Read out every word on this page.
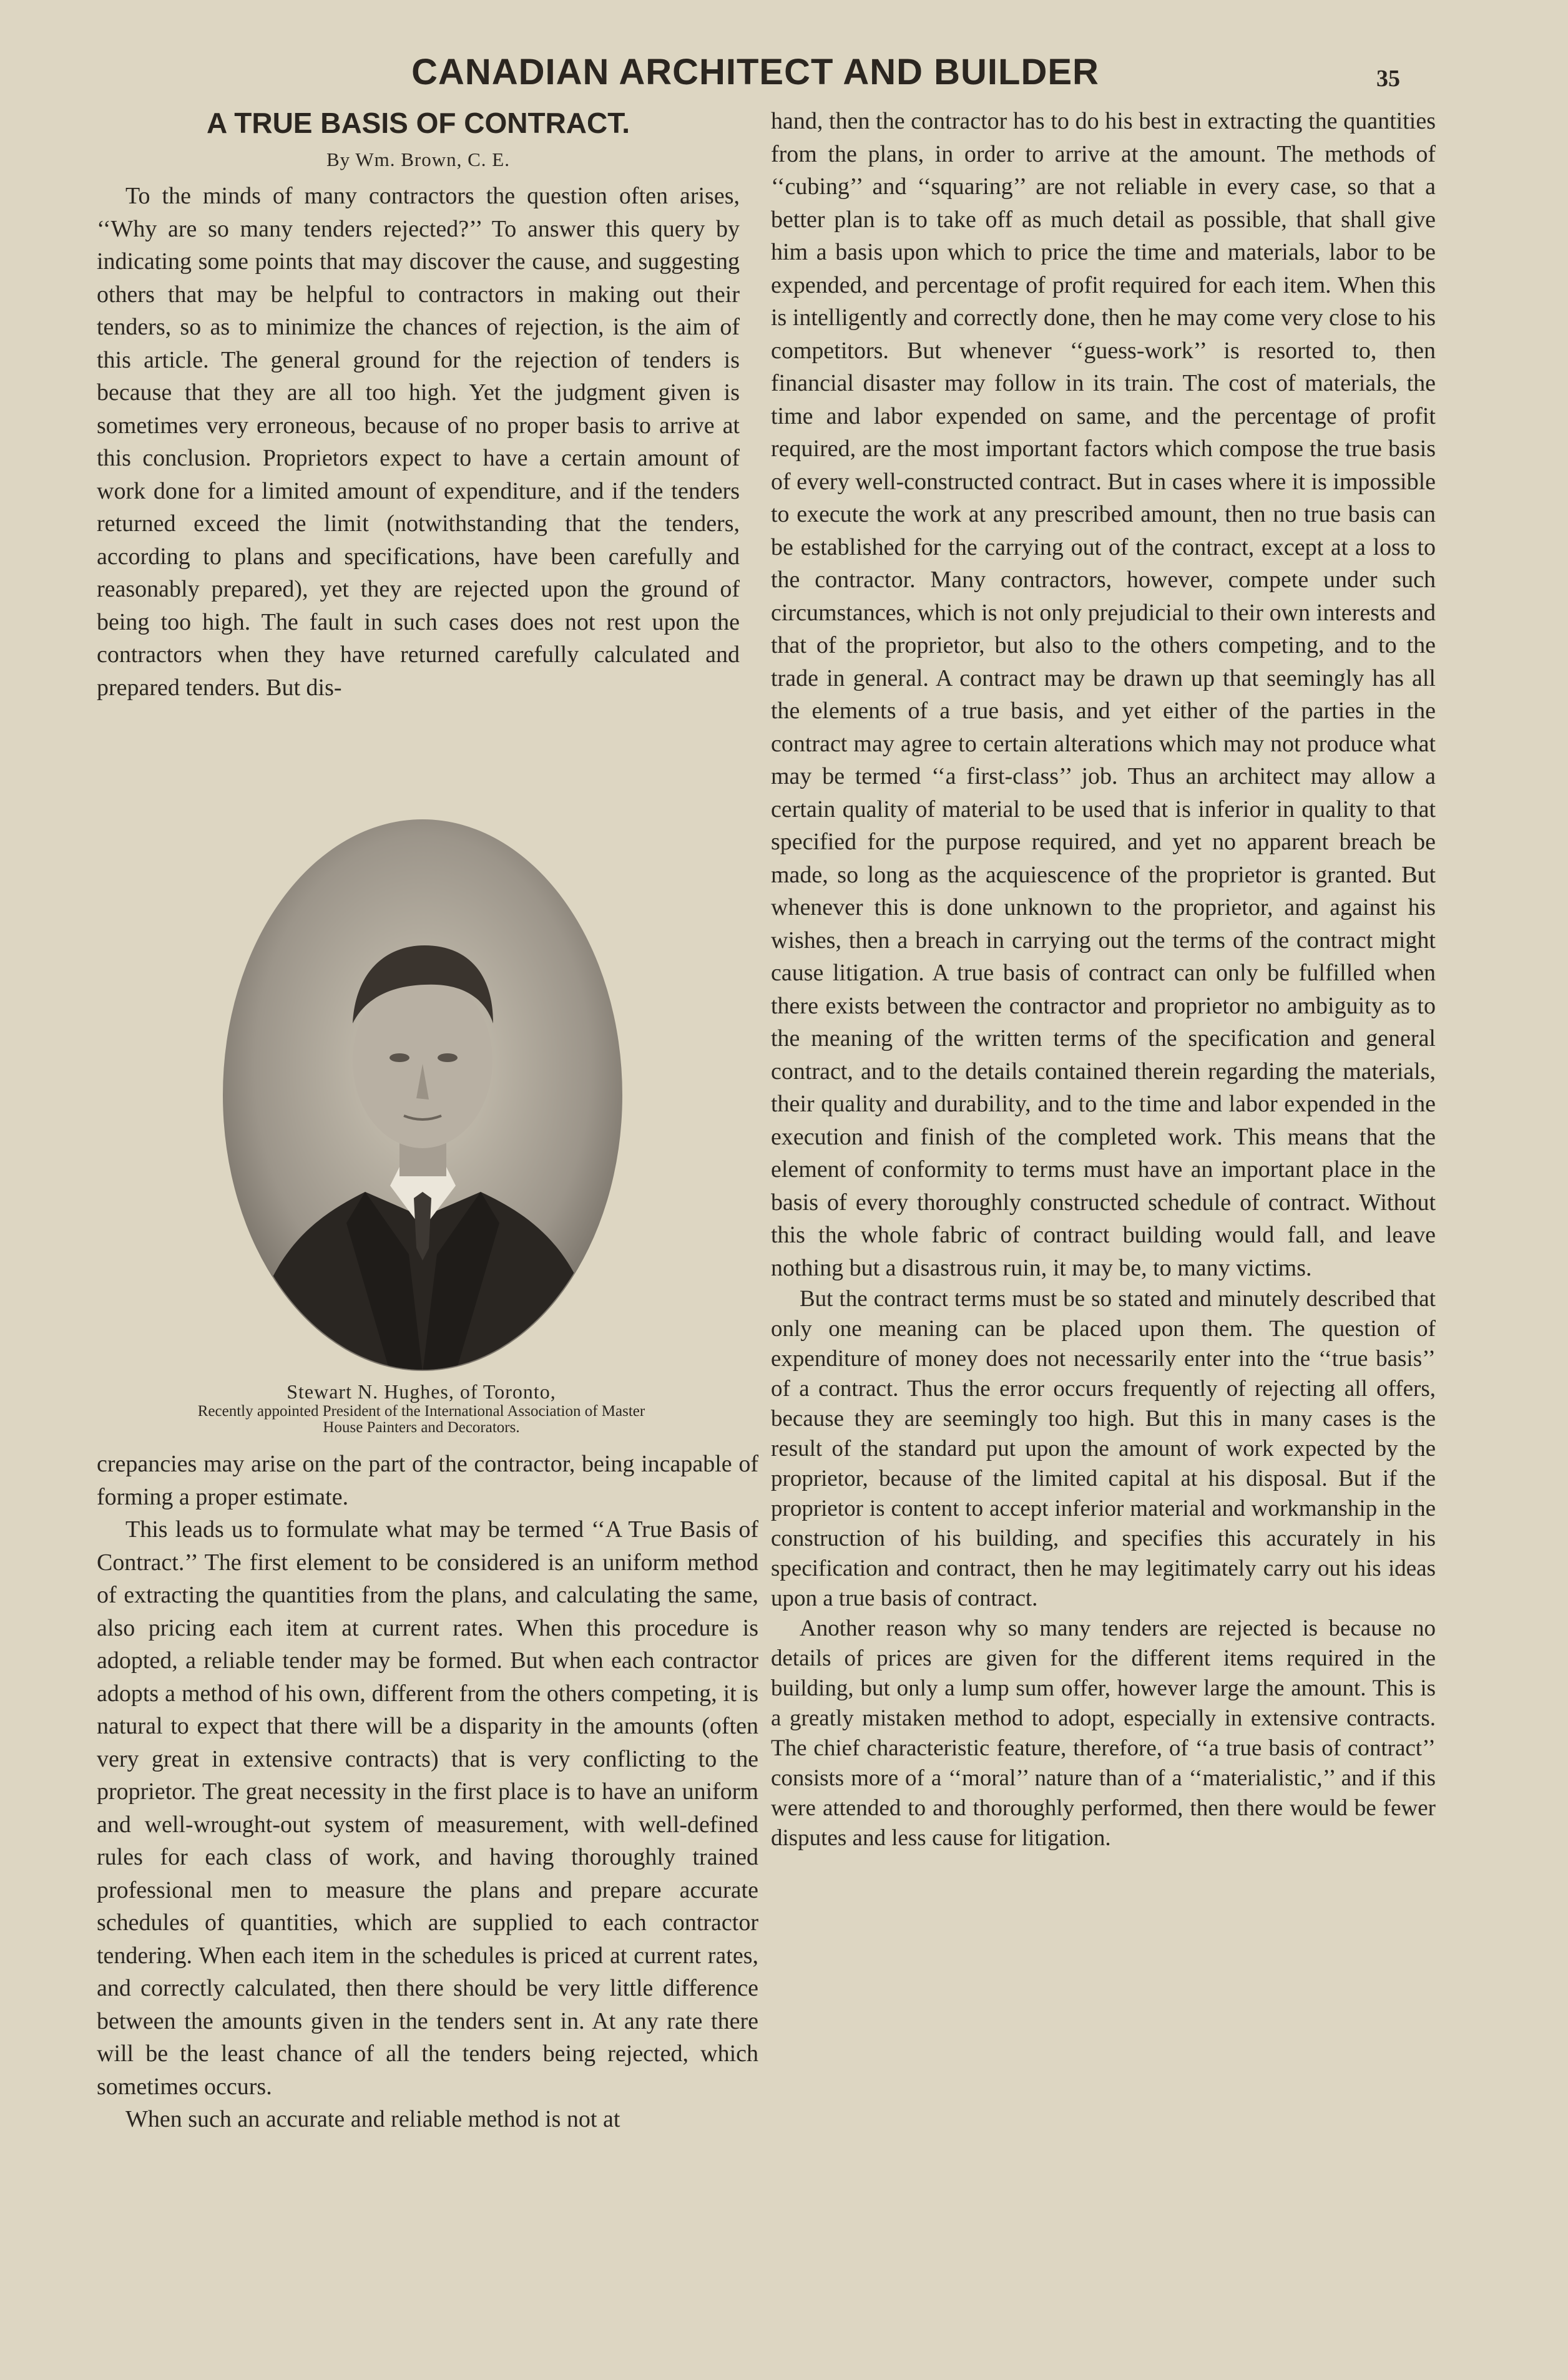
CANADIAN ARCHITECT AND BUILDER	35
A TRUE BASIS OF CONTRACT.
By Wm. Brown, C. E.

To the minds of many contractors the question often arises, ‘‘Why are so many tenders rejected?’’ To answer this query by indicating some points that may discover the cause, and suggesting others that may be helpful to contractors in making out their tenders, so as to minimize the chances of rejection, is the aim of this article. The general ground for the rejection of tenders is because that they are all too high. Yet the judgment given is sometimes very erroneous, because of no proper basis to arrive at this conclusion. Proprietors expect to have a certain amount of work done for a limited amount of expenditure, and if the tenders returned exceed the limit (notwithstanding that the tenders, according to plans and specifications, have been carefully and reasonably prepared), yet they are rejected upon the ground of being too high. The fault in such cases does not rest upon the contractors when they have returned carefully calculated and prepared tenders. But dis-

Stewart N. Hughes, of Toronto,
Recently appointed President of the International Association of Master
House Painters and Decorators.

crepancies may arise on the part of the contractor, being incapable of forming a proper estimate.

This leads us to formulate what may be termed ‘‘A True Basis of Contract.’’ The first element to be considered is an uniform method of extracting the quantities from the plans, and calculating the same, also pricing each item at current rates. When this procedure is adopted, a reliable tender may be formed. But when each contractor adopts a method of his own, different from the others competing, it is natural to expect that there will be a disparity in the amounts (often very great in extensive contracts) that is very conflicting to the proprietor. The great necessity in the first place is to have an uniform and well-wrought-out system of measurement, with well-defined rules for each class of work, and having thoroughly trained professional men to measure the plans and prepare accurate schedules of quantities, which are supplied to each contractor tendering. When each item in the schedules is priced at current rates, and correctly calculated, then there should be very little difference between the amounts given in the tenders sent in. At any rate there will be the least chance of all the tenders being rejected, which sometimes occurs.

When such an accurate and reliable method is not at

hand, then the contractor has to do his best in extracting the quantities from the plans, in order to arrive at the amount. The methods of ‘‘cubing’’ and ‘‘squaring’’ are not reliable in every case, so that a better plan is to take off as much detail as possible, that shall give him a basis upon which to price the time and materials, labor to be expended, and percentage of profit required for each item. When this is intelligently and correctly done, then he may come very close to his competitors. But whenever ‘‘guess-work’’ is resorted to, then financial disaster may follow in its train. The cost of materials, the time and labor expended on same, and the percentage of profit required, are the most important factors which compose the true basis of every well-constructed contract. But in cases where it is impossible to execute the work at any prescribed amount, then no true basis can be established for the carrying out of the contract, except at a loss to the contractor. Many contractors, however, compete under such circumstances, which is not only prejudicial to their own interests and that of the proprietor, but also to the others competing, and to the trade in general. A contract may be drawn up that seemingly has all the elements of a true basis, and yet either of the parties in the contract may agree to certain alterations which may not produce what may be termed ‘‘a first-class’’ job. Thus an architect may allow a certain quality of material to be used that is inferior in quality to that specified for the purpose required, and yet no apparent breach be made, so long as the acquiescence of the proprietor is granted. But whenever this is done unknown to the proprietor, and against his wishes, then a breach in carrying out the terms of the contract might cause litigation. A true basis of contract can only be fulfilled when there exists between the contractor and proprietor no ambiguity as to the meaning of the written terms of the specification and general contract, and to the details contained therein regarding the materials, their quality and durability, and to the time and labor expended in the execution and finish of the completed work. This means that the element of conformity to terms must have an important place in the basis of every thoroughly constructed schedule of contract. Without this the whole fabric of contract building would fall, and leave nothing but a disastrous ruin, it may be, to many victims.

But the contract terms must be so stated and minutely described that only one meaning can be placed upon them. The question of expenditure of money does not necessarily enter into the ‘‘true basis’’ of a contract. Thus the error occurs frequently of rejecting all offers, because they are seemingly too high. But this in many cases is the result of the standard put upon the amount of work expected by the proprietor, because of the limited capital at his disposal. But if the proprietor is content to accept inferior material and workmanship in the construction of his building, and specifies this accurately in his specification and contract, then he may legitimately carry out his ideas upon a true basis of contract.

Another reason why so many tenders are rejected is because no details of prices are given for the different items required in the building, but only a lump sum offer, however large the amount. This is a greatly mistaken method to adopt, especially in extensive contracts. The chief characteristic feature, therefore, of ‘‘a true basis of contract’’ consists more of a ‘‘moral’’ nature than of a ‘‘materialistic,’’ and if this were attended to and thoroughly performed, then there would be fewer disputes and less cause for litigation.
